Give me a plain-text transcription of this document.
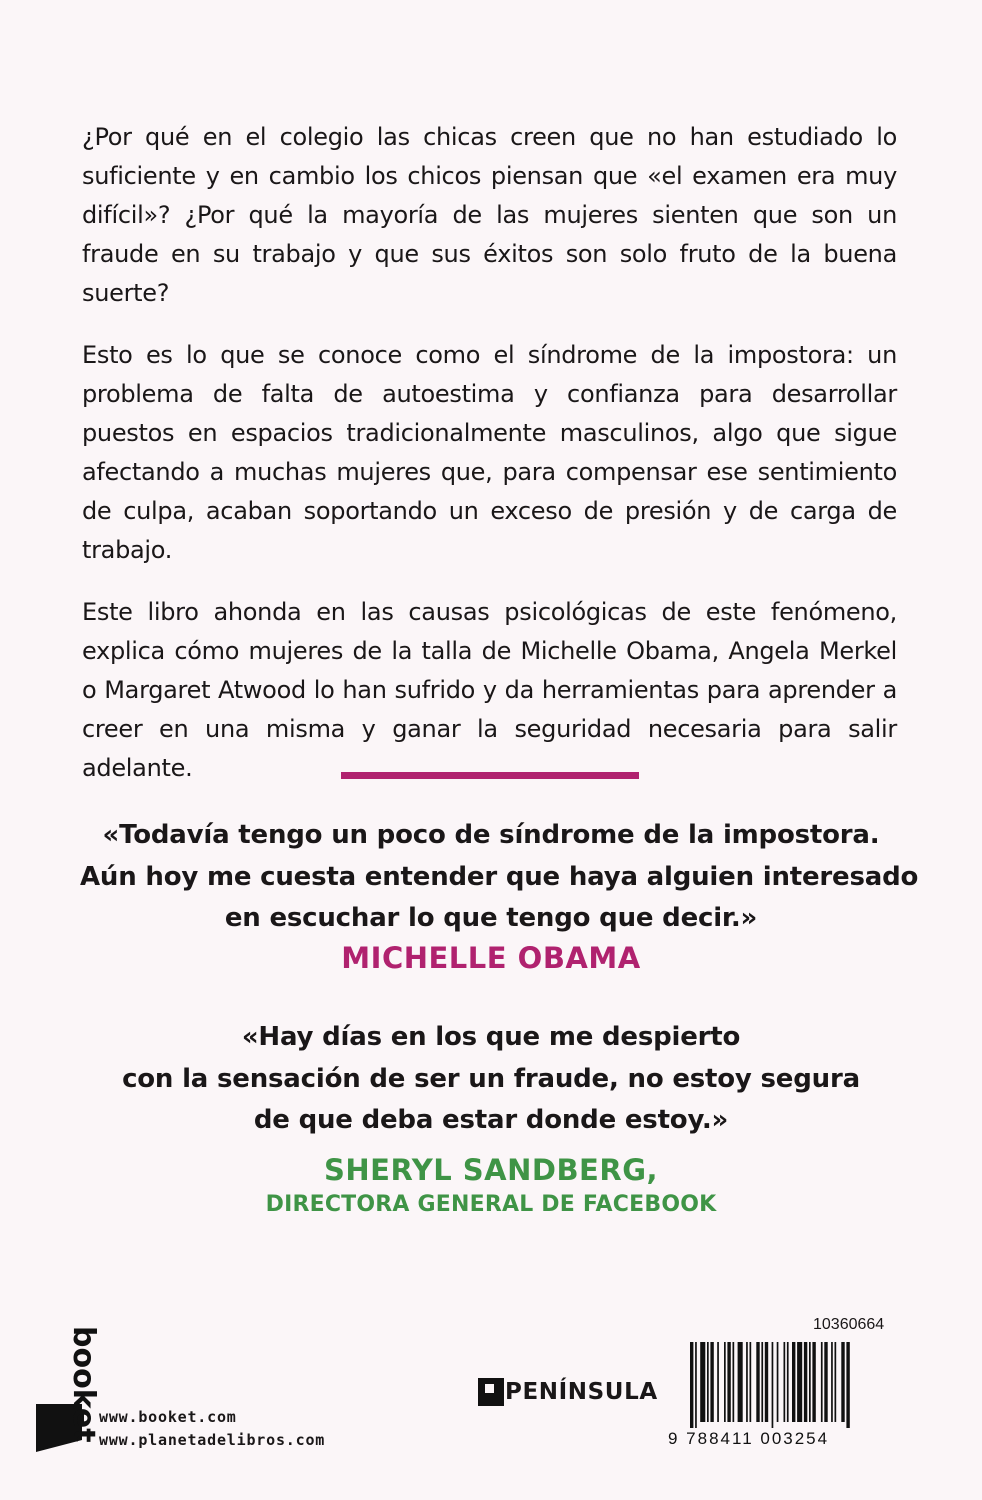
¿Por qué en el colegio las chicas creen que no han estudiado lo suficiente y en cambio los chicos piensan que «el examen era muy difícil»? ¿Por qué la mayoría de las mujeres sienten que son un fraude en su trabajo y que sus éxitos son solo fruto de la buena suerte?

Esto es lo que se conoce como el síndrome de la impostora: un problema de falta de autoestima y confianza para desarrollar puestos en espacios tradicionalmente masculinos, algo que sigue afectando a muchas mujeres que, para compensar ese sentimiento de culpa, acaban soportando un exceso de presión y de carga de trabajo.

Este libro ahonda en las causas psicológicas de este fenómeno, explica cómo mujeres de la talla de Michelle Obama, Angela Merkel o Margaret Atwood lo han sufrido y da herramientas para aprender a creer en una misma y ganar la seguridad necesaria para salir adelante.

«Todavía tengo un poco de síndrome de la impostora.
Aún hoy me cuesta entender que haya alguien interesado
en escuchar lo que tengo que decir.»
MICHELLE OBAMA
«Hay días en los que me despierto
con la sensación de ser un fraude, no estoy segura
de que deba estar donde estoy.»
SHERYL SANDBERG,
DIRECTORA GENERAL DE FACEBOOK
booket
www.booket.com
www.planetadelibros.com
PENÍNSULA
10360664
9 788411 003254
